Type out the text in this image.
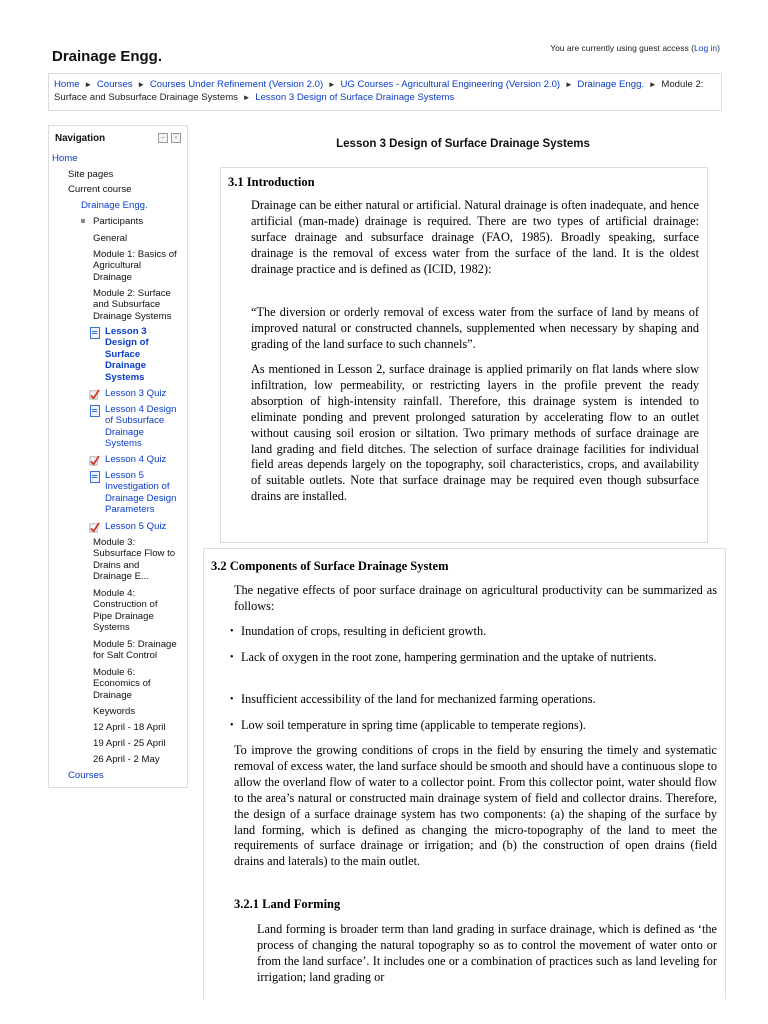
Drainage Engg.	You are currently using guest access (Log in)
Home ► Courses ► Courses Under Refinement (Version 2.0) ► UG Courses - Agricultural Engineering (Version 2.0) ► Drainage Engg. ► Module 2: Surface and Subsurface Drainage Systems ► Lesson 3 Design of Surface Drainage Systems
Navigation	–	‹
Home
Site pages
Current course
Drainage Engg.
Participants
General
Module 1: Basics of
Agricultural
Drainage
Module 2: Surface
and Subsurface
Drainage Systems
Lesson 3
Design of
Surface
Drainage
Systems
Lesson 3 Quiz
Lesson 4 Design
of Subsurface
Drainage
Systems
Lesson 4 Quiz
Lesson 5
Investigation of
Drainage Design
Parameters
Lesson 5 Quiz
Module 3:
Subsurface Flow to
Drains and
Drainage E...
Module 4:
Construction of
Pipe Drainage
Systems
Module 5: Drainage
for Salt Control
Module 6:
Economics of
Drainage
Keywords
12 April - 18 April
19 April - 25 April
26 April - 2 May
Courses
Lesson 3 Design of Surface Drainage Systems
3.1 Introduction
Drainage can be either natural or artificial. Natural drainage is often inadequate, and hence artificial (man-made) drainage is required. There are two types of artificial drainage: surface drainage and subsurface drainage (FAO, 1985). Broadly speaking, surface drainage is the removal of excess water from the surface of the land. It is the oldest drainage practice and is defined as (ICID, 1982):
“The diversion or orderly removal of excess water from the surface of land by means of improved natural or constructed channels, supplemented when necessary by shaping and grading of the land surface to such channels”.
As mentioned in Lesson 2, surface drainage is applied primarily on flat lands where slow infiltration, low permeability, or restricting layers in the profile prevent the ready absorption of high-intensity rainfall. Therefore, this drainage system is intended to eliminate ponding and prevent prolonged saturation by accelerating flow to an outlet without causing soil erosion or siltation. Two primary methods of surface drainage are land grading and field ditches. The selection of surface drainage facilities for individual field areas depends largely on the topography, soil characteristics, crops, and availability of suitable outlets. Note that surface drainage may be required even though subsurface drains are installed.
3.2 Components of Surface Drainage System
The negative effects of poor surface drainage on agricultural productivity can be summarized as follows:
• Inundation of crops, resulting in deficient growth.
• Lack of oxygen in the root zone, hampering germination and the uptake of nutrients.
• Insufficient accessibility of the land for mechanized farming operations.
• Low soil temperature in spring time (applicable to temperate regions).
To improve the growing conditions of crops in the field by ensuring the timely and systematic removal of excess water, the land surface should be smooth and should have a continuous slope to allow the overland flow of water to a collector point. From this collector point, water should flow to the area’s natural or constructed main drainage system of field and collector drains. Therefore, the design of a surface drainage system has two components: (a) the shaping of the surface by land forming, which is defined as changing the micro-topography of the land to meet the requirements of surface drainage or irrigation; and (b) the construction of open drains (field drains and laterals) to the main outlet.
3.2.1 Land Forming
Land forming is broader term than land grading in surface drainage, which is defined as ‘the process of changing the natural topography so as to control the movement of water onto or from the land surface’. It includes one or a combination of practices such as land leveling for irrigation; land grading or
